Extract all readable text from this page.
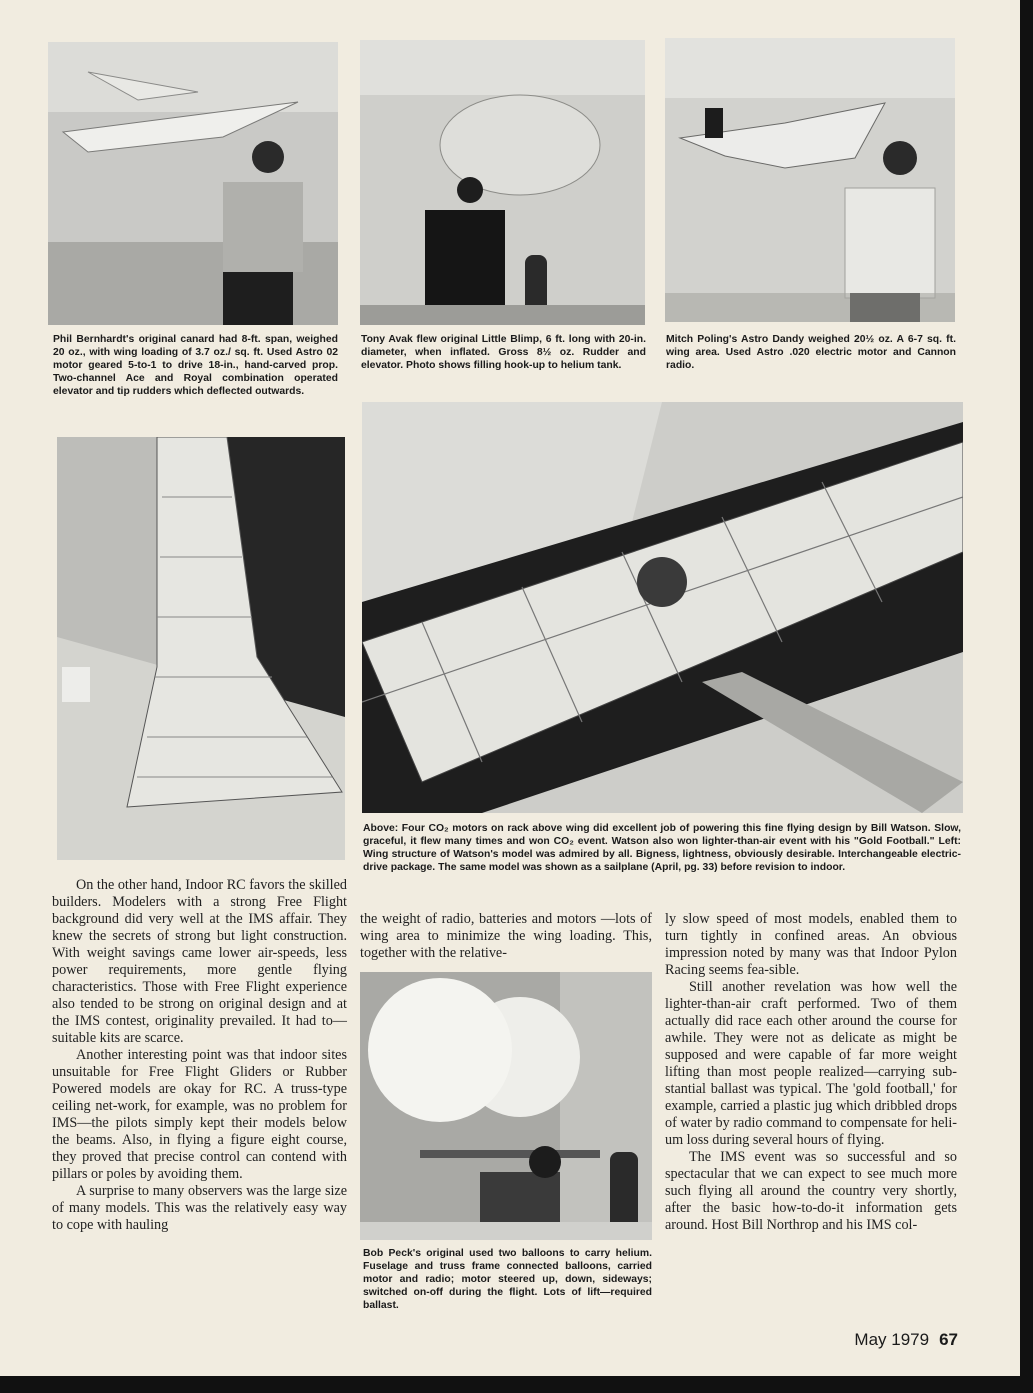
Phil Bernhardt's original canard had 8-ft. span, weighed 20 oz., with wing loading of 3.7 oz./ sq. ft. Used Astro 02 motor geared 5-to-1 to drive 18-in., hand-carved prop. Two-channel Ace and Royal combination operated elevator and tip rudders which deflected outwards.

Tony Avak flew original Little Blimp, 6 ft. long with 20-in. diameter, when inflated. Gross 8½ oz. Rudder and elevator. Photo shows filling hook-up to helium tank.

Mitch Poling's Astro Dandy weighed 20½ oz. A 6-7 sq. ft. wing area. Used Astro .020 electric motor and Cannon radio.

Above: Four CO₂ motors on rack above wing did excellent job of powering this fine flying design by Bill Watson. Slow, graceful, it flew many times and won CO₂ event. Watson also won lighter-than-air event with his "Gold Football." Left: Wing structure of Watson's model was admired by all. Bigness, lightness, obviously desirable. Interchangeable electric-drive package. The same model was shown as a sailplane (April, pg. 33) before revision to indoor.

On the other hand, Indoor RC favors the skilled builders. Modelers with a strong Free Flight background did very well at the IMS affair. They knew the secrets of strong but light construction. With weight savings came lower air-speeds, less power requirements, more gentle flying characteristics. Those with Free Flight experience also tended to be strong on original design and at the IMS contest, originality prevailed. It had to—suitable kits are scarce.

Another interesting point was that indoor sites unsuitable for Free Flight Gliders or Rubber Powered models are okay for RC. A truss-type ceiling net-work, for example, was no problem for IMS—the pilots simply kept their models below the beams. Also, in flying a figure eight course, they proved that precise control can contend with pillars or poles by avoiding them.

A surprise to many observers was the large size of many models. This was the relatively easy way to cope with hauling

the weight of radio, batteries and motors —lots of wing area to minimize the wing loading. This, together with the relative-

Bob Peck's original used two balloons to carry helium. Fuselage and truss frame connected balloons, carried motor and radio; motor steered up, down, sideways; switched on-off during the flight. Lots of lift—required ballast.

ly slow speed of most models, enabled them to turn tightly in confined areas. An obvious impression noted by many was that Indoor Pylon Racing seems fea-sible.

Still another revelation was how well the lighter-than-air craft performed. Two of them actually did race each other around the course for awhile. They were not as delicate as might be supposed and were capable of far more weight lifting than most people realized—carrying sub-stantial ballast was typical. The 'gold football,' for example, carried a plastic jug which dribbled drops of water by radio command to compensate for heli-um loss during several hours of flying.

The IMS event was so successful and so spectacular that we can expect to see much more such flying all around the country very shortly, after the basic how-to-do-it information gets around. Host Bill Northrop and his IMS col-

May 1979 67
